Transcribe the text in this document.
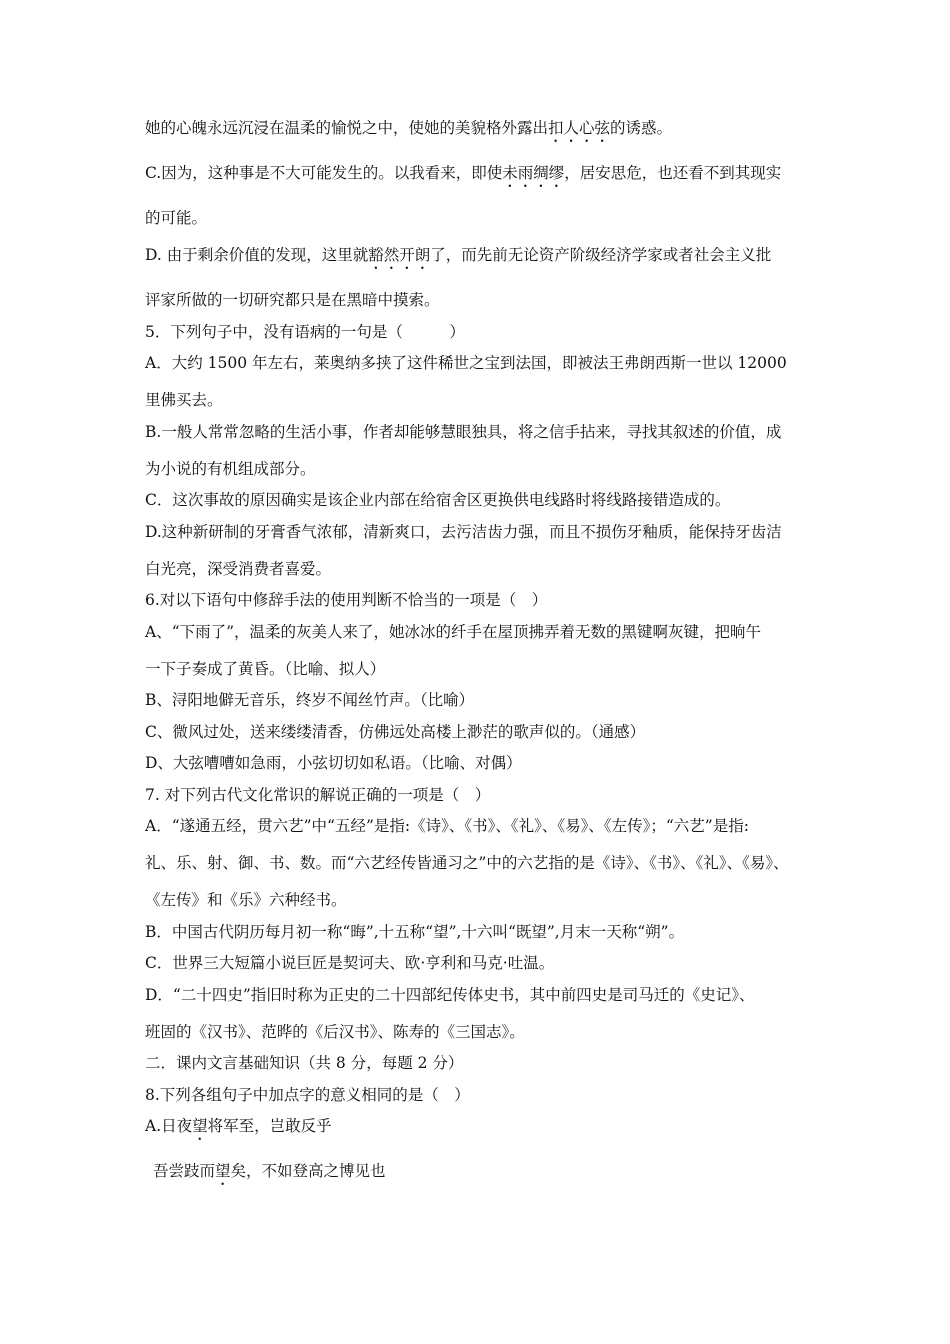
她的心魄永远沉浸在温柔的愉悦之中，使她的美貌格外露出扣人心弦的诱惑。

C.因为，这种事是不大可能发生的。以我看来，即使未雨绸缪，居安思危，也还看不到其现实

的可能。

D. 由于剩余价值的发现，这里就豁然开朗了，而先前无论资产阶级经济学家或者社会主义批

评家所做的一切研究都只是在黑暗中摸索。

5．下列句子中，没有语病的一句是（　　　）

A．大约 1500 年左右，莱奥纳多挟了这件稀世之宝到法国，即被法王弗朗西斯一世以 12000

里佛买去。

B.一般人常常忽略的生活小事，作者却能够慧眼独具，将之信手拈来，寻找其叙述的价值，成

为小说的有机组成部分。

C．这次事故的原因确实是该企业内部在给宿舍区更换供电线路时将线路接错造成的。

D.这种新研制的牙膏香气浓郁，清新爽口，去污洁齿力强，而且不损伤牙釉质，能保持牙齿洁

白光亮，深受消费者喜爱。

6.对以下语句中修辞手法的使用判断不恰当的一项是（　）

A、“下雨了”，温柔的灰美人来了，她冰冰的纤手在屋顶拂弄着无数的黑键啊灰键，把晌午

一下子奏成了黄昏。（比喻、拟人）

B、浔阳地僻无音乐，终岁不闻丝竹声。（比喻）

C、微风过处，送来缕缕清香，仿佛远处高楼上渺茫的歌声似的。（通感）

D、大弦嘈嘈如急雨，小弦切切如私语。（比喻、对偶）

7. 对下列古代文化常识的解说正确的一项是（　）

A．“遂通五经，贯六艺”中“五经”是指:《诗》、《书》、《礼》、《易》、《左传》；“六艺”是指:

礼、乐、射、御、书、数。而“六艺经传皆通习之”中的六艺指的是《诗》、《书》、《礼》、《易》、

《左传》和《乐》六种经书。

B．中国古代阴历每月初一称“晦”,十五称“望”,十六叫“既望”,月末一天称“朔”。

C．世界三大短篇小说巨匠是契诃夫、欧·亨利和马克·吐温。

D．“二十四史”指旧时称为正史的二十四部纪传体史书，其中前四史是司马迁的《史记》、

班固的《汉书》、范晔的《后汉书》、陈寿的《三国志》。

二．课内文言基础知识（共 8 分，每题 2 分）

8.下列各组句子中加点字的意义相同的是（　）

A.日夜望将军至，岂敢反乎

吾尝跂而望矣，不如登高之博见也
